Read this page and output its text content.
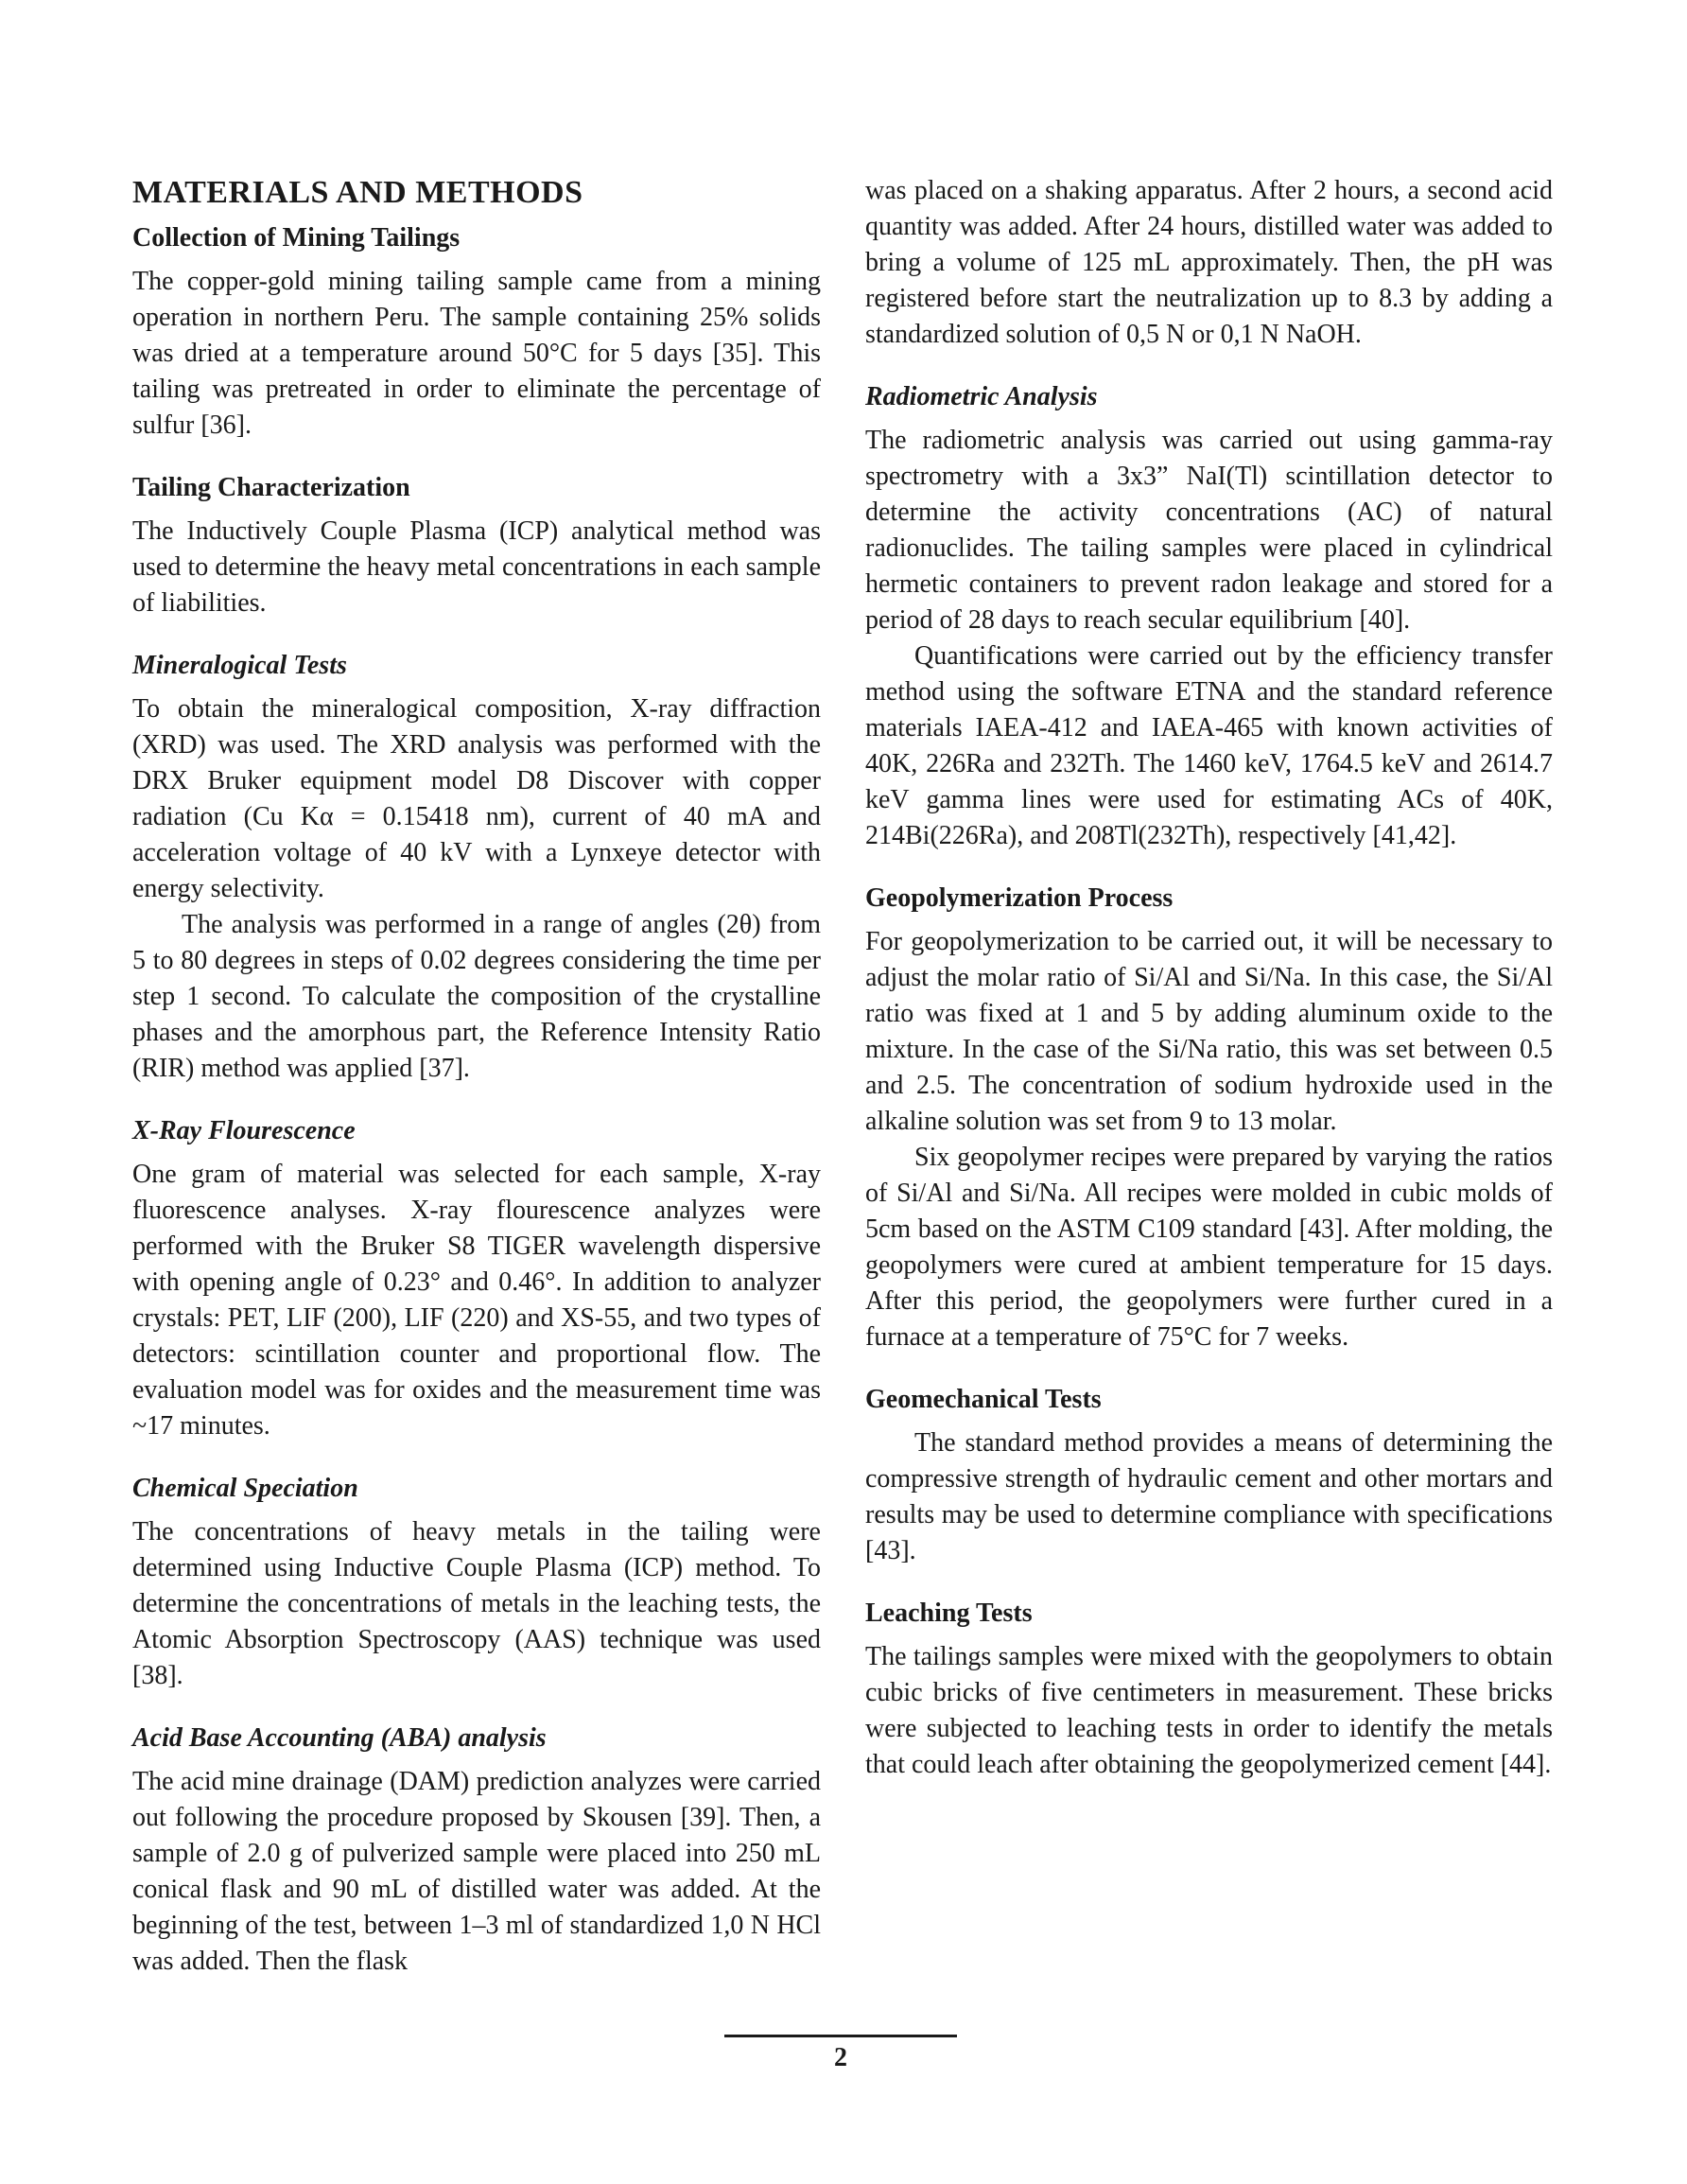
MATERIALS AND METHODS
Collection of Mining Tailings

The copper-gold mining tailing sample came from a mining operation in northern Peru. The sample containing 25% solids was dried at a temperature around 50°C for 5 days [35]. This tailing was pretreated in order to eliminate the percentage of sulfur [36].

Tailing Characterization

The Inductively Couple Plasma (ICP) analytical method was used to determine the heavy metal concentrations in each sample of liabilities.

Mineralogical Tests

To obtain the mineralogical composition, X-ray diffraction (XRD) was used. The XRD analysis was performed with the DRX Bruker equipment model D8 Discover with copper radiation (Cu Kα = 0.15418 nm), current of 40 mA and acceleration voltage of 40 kV with a Lynxeye detector with energy selectivity.

The analysis was performed in a range of angles (2θ) from 5 to 80 degrees in steps of 0.02 degrees considering the time per step 1 second. To calculate the composition of the crystalline phases and the amorphous part, the Reference Intensity Ratio (RIR) method was applied [37].

X-Ray Flourescence

One gram of material was selected for each sample, X-ray fluorescence analyses. X-ray flourescence analyzes were performed with the Bruker S8 TIGER wavelength dispersive with opening angle of 0.23° and 0.46°. In addition to analyzer crystals: PET, LIF (200), LIF (220) and XS-55, and two types of detectors: scintillation counter and proportional flow. The evaluation model was for oxides and the measurement time was ~17 minutes.

Chemical Speciation

The concentrations of heavy metals in the tailing were determined using Inductive Couple Plasma (ICP) method. To determine the concentrations of metals in the leaching tests, the Atomic Absorption Spectroscopy (AAS) technique was used [38].

Acid Base Accounting (ABA) analysis

The acid mine drainage (DAM) prediction analyzes were carried out following the procedure proposed by Skousen [39]. Then, a sample of 2.0 g of pulverized sample were placed into 250 mL conical flask and 90 mL of distilled water was added. At the beginning of the test, between 1–3 ml of standardized 1,0 N HCl was added. Then the flask

was placed on a shaking apparatus. After 2 hours, a second acid quantity was added. After 24 hours, distilled water was added to bring a volume of 125 mL approximately. Then, the pH was registered before start the neutralization up to 8.3 by adding a standardized solution of 0,5 N or 0,1 N NaOH.

Radiometric Analysis

The radiometric analysis was carried out using gamma-ray spectrometry with a 3x3” NaI(Tl) scintillation detector to determine the activity concentrations (AC) of natural radionuclides. The tailing samples were placed in cylindrical hermetic containers to prevent radon leakage and stored for a period of 28 days to reach secular equilibrium [40].

Quantifications were carried out by the efficiency transfer method using the software ETNA and the standard reference materials IAEA-412 and IAEA-465 with known activities of 40K, 226Ra and 232Th. The 1460 keV, 1764.5 keV and 2614.7 keV gamma lines were used for estimating ACs of 40K, 214Bi(226Ra), and 208Tl(232Th), respectively [41,42].

Geopolymerization Process

For geopolymerization to be carried out, it will be necessary to adjust the molar ratio of Si/Al and Si/Na. In this case, the Si/Al ratio was fixed at 1 and 5 by adding aluminum oxide to the mixture. In the case of the Si/Na ratio, this was set between 0.5 and 2.5. The concentration of sodium hydroxide used in the alkaline solution was set from 9 to 13 molar.

Six geopolymer recipes were prepared by varying the ratios of Si/Al and Si/Na. All recipes were molded in cubic molds of 5cm based on the ASTM C109 standard [43]. After molding, the geopolymers were cured at ambient temperature for 15 days. After this period, the geopolymers were further cured in a furnace at a temperature of 75°C for 7 weeks.

Geomechanical Tests

The standard method provides a means of determining the compressive strength of hydraulic cement and other mortars and results may be used to determine compliance with specifications [43].

Leaching Tests

The tailings samples were mixed with the geopolymers to obtain cubic bricks of five centimeters in measurement. These bricks were subjected to leaching tests in order to identify the metals that could leach after obtaining the geopolymerized cement [44].

2
